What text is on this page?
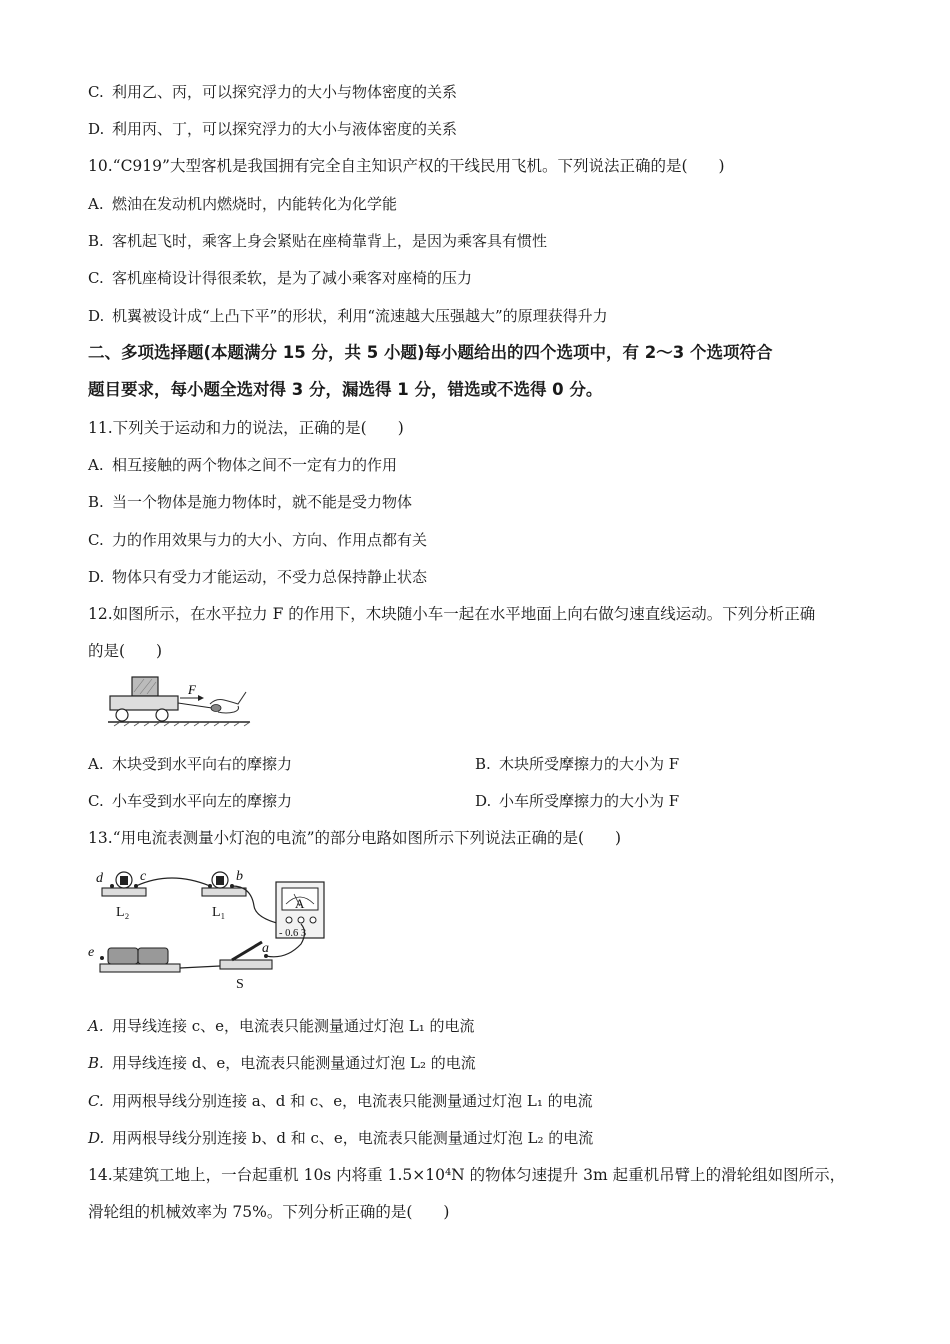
C. 利用乙、丙，可以探究浮力的大小与物体密度的关系
D. 利用丙、丁，可以探究浮力的大小与液体密度的关系
10.“C919”大型客机是我国拥有完全自主知识产权的干线民用飞机。下列说法正确的是(　　)
A. 燃油在发动机内燃烧时，内能转化为化学能
B. 客机起飞时，乘客上身会紧贴在座椅靠背上，是因为乘客具有惯性
C. 客机座椅设计得很柔软，是为了减小乘客对座椅的压力
D. 机翼被设计成“上凸下平”的形状，利用“流速越大压强越大”的原理获得升力
二、多项选择题(本题满分 15 分，共 5 小题)每小题给出的四个选项中，有 2～3 个选项符合
题目要求，每小题全选对得 3 分，漏选得 1 分，错选或不选得 0 分。
11.下列关于运动和力的说法，正确的是(　　)
A. 相互接触的两个物体之间不一定有力的作用
B. 当一个物体是施力物体时，就不能是受力物体
C. 力的作用效果与力的大小、方向、作用点都有关
D. 物体只有受力才能运动，不受力总保持静止状态
12.如图所示，在水平拉力 F 的作用下，木块随小车一起在水平地面上向右做匀速直线运动。下列分析正确
的是(　　)
F
A. 木块受到水平向右的摩擦力	B. 木块所受摩擦力的大小为 F
C. 小车受到水平向左的摩擦力	D. 小车所受摩擦力的大小为 F
13.“用电流表测量小灯泡的电流”的部分电路如图所示下列说法正确的是(　　)
d	c
L₂
b
L₁
A
- 0.6 3
e	a
S
A. 用导线连接 c、e，电流表只能测量通过灯泡 L₁ 的电流
B. 用导线连接 d、e，电流表只能测量通过灯泡 L₂ 的电流
C. 用两根导线分别连接 a、d 和 c、e，电流表只能测量通过灯泡 L₁ 的电流
D. 用两根导线分别连接 b、d 和 c、e，电流表只能测量通过灯泡 L₂ 的电流
14.某建筑工地上，一台起重机 10s 内将重 1.5×10⁴N 的物体匀速提升 3m 起重机吊臂上的滑轮组如图所示，
滑轮组的机械效率为 75%。下列分析正确的是(　　)
